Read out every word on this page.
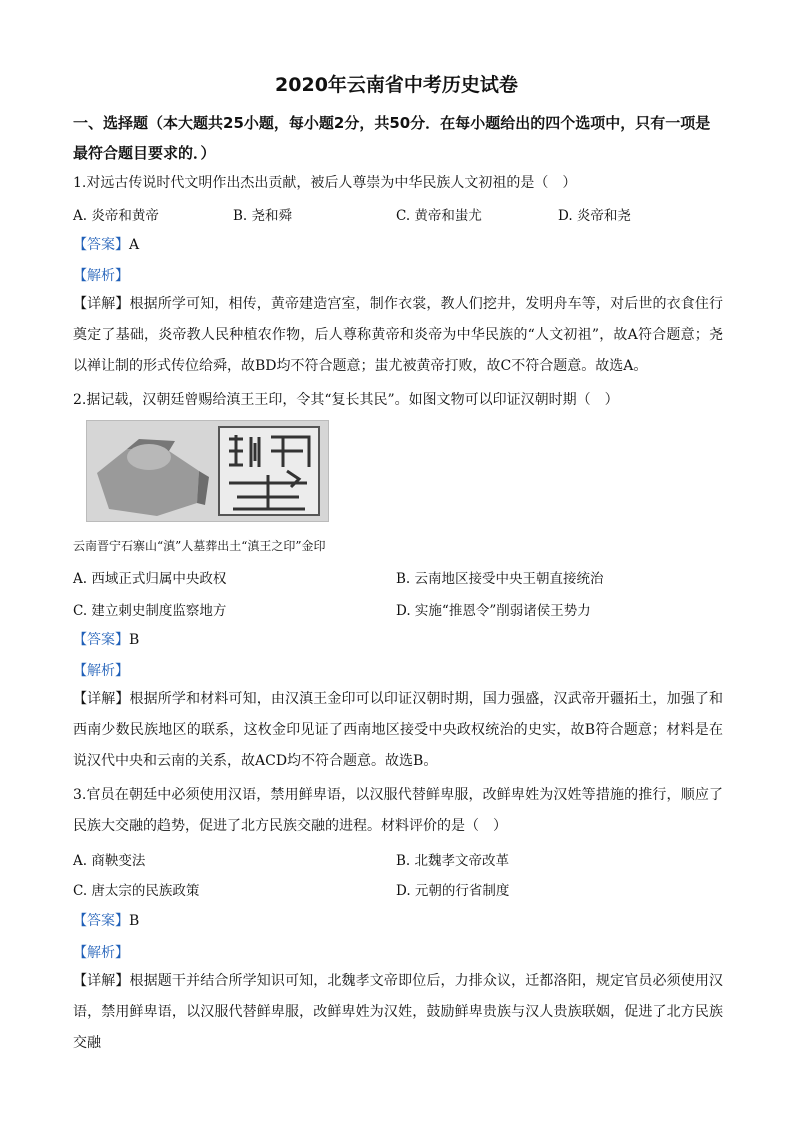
2020年云南省中考历史试卷
一、选择题（本大题共25小题，每小题2分，共50分．在每小题给出的四个选项中，只有一项是最符合题目要求的．）
1.对远古传说时代文明作出杰出贡献，被后人尊崇为中华民族人文初祖的是（　）
A. 炎帝和黄帝	B. 尧和舜	C. 黄帝和蚩尤	D. 炎帝和尧
【答案】A
【解析】
【详解】根据所学可知，相传，黄帝建造宫室，制作衣裳，教人们挖井，发明舟车等，对后世的衣食住行奠定了基础，炎帝教人民种植农作物，后人尊称黄帝和炎帝为中华民族的“人文初祖”，故A符合题意；尧以禅让制的形式传位给舜，故BD均不符合题意；蚩尤被黄帝打败，故C不符合题意。故选A。
2.据记载，汉朝廷曾赐给滇王王印，令其“复长其民”。如图文物可以印证汉朝时期（　）
云南晋宁石寨山“滇”人墓葬出土“滇王之印”金印
A. 西域正式归属中央政权	B. 云南地区接受中央王朝直接统治
C. 建立刺史制度监察地方	D. 实施“推恩令”削弱诸侯王势力
【答案】B
【解析】
【详解】根据所学和材料可知，由汉滇王金印可以印证汉朝时期，国力强盛，汉武帝开疆拓土，加强了和西南少数民族地区的联系，这枚金印见证了西南地区接受中央政权统治的史实，故B符合题意；材料是在说汉代中央和云南的关系，故ACD均不符合题意。故选B。
3.官员在朝廷中必须使用汉语，禁用鲜卑语，以汉服代替鲜卑服，改鲜卑姓为汉姓等措施的推行，顺应了民族大交融的趋势，促进了北方民族交融的进程。材料评价的是（　）
A. 商鞅变法	B. 北魏孝文帝改革
C. 唐太宗的民族政策	D. 元朝的行省制度
【答案】B
【解析】
【详解】根据题干并结合所学知识可知，北魏孝文帝即位后，力排众议，迁都洛阳，规定官员必须使用汉语，禁用鲜卑语，以汉服代替鲜卑服，改鲜卑姓为汉姓，鼓励鲜卑贵族与汉人贵族联姻，促进了北方民族交融
